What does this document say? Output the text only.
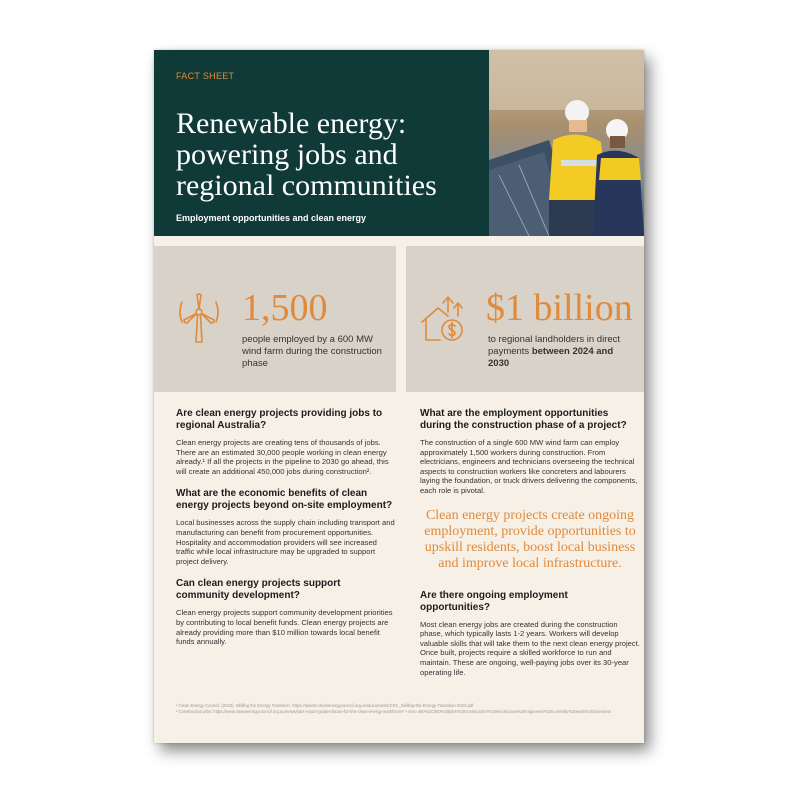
FACT SHEET
Renewable energy: powering jobs and regional communities
Employment opportunities and clean energy
1,500
people employed by a 600 MW wind farm during the construction phase
$1 billion
to regional landholders in direct payments between 2024 and 2030
Are clean energy projects providing jobs to regional Australia?

Clean energy projects are creating tens of thousands of jobs. There are an estimated 30,000 people working in clean energy already.¹ If all the projects in the pipeline to 2030 go ahead, this will create an additional 450,000 jobs during construction².

What are the economic benefits of clean energy projects beyond on-site employment?

Local businesses across the supply chain including transport and manufacturing can benefit from procurement opportunities. Hospitality and accommodation providers will see increased traffic while local infrastructure may be upgraded to support project delivery.

Can clean energy projects support community development?

Clean energy projects support community development priorities by contributing to local benefit funds. Clean energy projects are already providing more than $10 million towards local benefit funds annually.

What are the employment opportunities during the construction phase of a project?

The construction of a single 600 MW wind farm can employ approximately 1,500 workers during construction. From electricians, engineers and technicians overseeing the technical aspects to construction workers like concreters and labourers laying the foundation, or truck drivers delivering the components, each role is pivotal.

Clean energy projects create ongoing employment, provide opportunities to upskill residents, boost local business and improve local infrastructure.
Are there ongoing employment opportunities?

Most clean energy jobs are created during the construction phase, which typically lasts 1-2 years. Workers will develop valuable skills that will take them to the next clean energy project. Once built, projects require a skilled workforce to run and maintain. These are ongoing, well-paying jobs over its 30-year operating life.

¹ Clean Energy Council. (2023). Skilling the Energy Transition. https://assets.cleanenergycouncil.org.au/documents/CEC_Skilling-the-Energy-Transition-2023.pdf
² Construction jobs: https://www.cleanenergycouncil.org.au/news/jobs-report-guides-future-for-the-clean-energy-workforce#:~:text=450%2C000%20jobs%20construction%20electricians%20engineers%20currently%20work%20overseas
